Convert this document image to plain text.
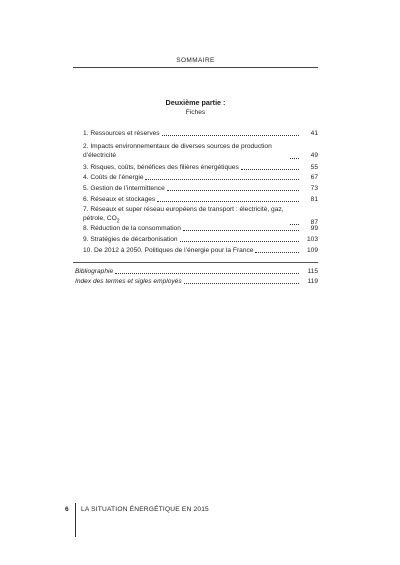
SOMMAIRE
Deuxième partie :
Fiches
1. Ressources et réserves	41
2. Impacts environnementaux de diverses sources de production d’électricité	49
3. Risques, coûts, bénéfices des filières énergétiques	55
4. Coûts de l’énergie	67
5. Gestion de l’intermittence	73
6. Réseaux et stockages	81
7. Réseaux et super réseau européens de transport : électricité, gaz, pétrole, $CO_2$	87
8. Réduction de la consommation	99
9. Stratégies de décarbonisation	103
10. De 2012 à 2050. Politiques de l’énergie pour la France	109
Bibliographie	115
Index des termes et sigles employés	119
6 LA SITUATION ÉNERGÉTIQUE EN 2015
